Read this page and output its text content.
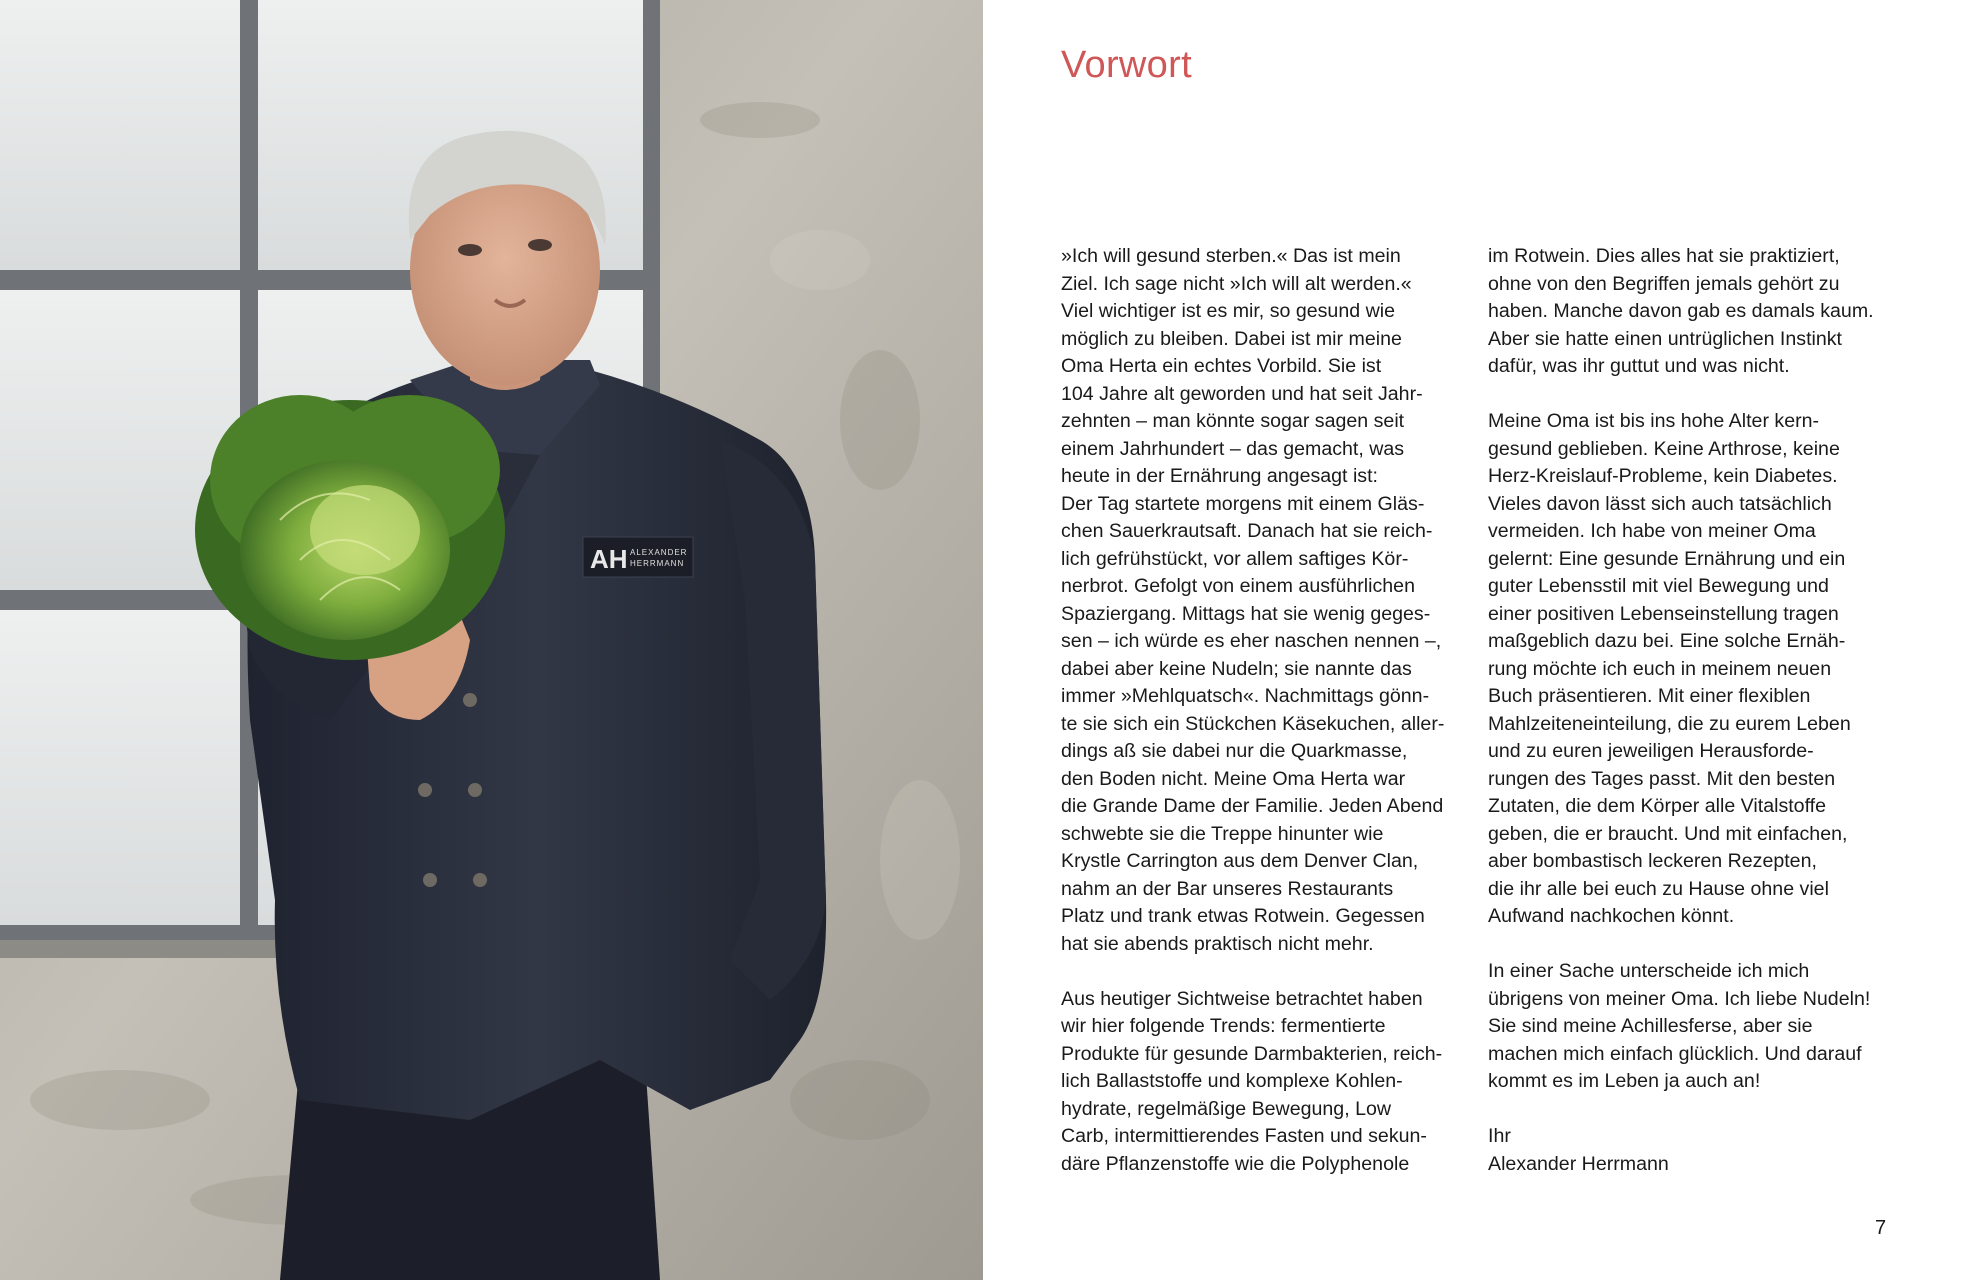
AH ALEXANDER
HERRMANN
Vorwort

»Ich will gesund sterben.« Das ist mein
Ziel. Ich sage nicht »Ich will alt werden.«
Viel wichtiger ist es mir, so gesund wie
möglich zu bleiben. Dabei ist mir meine
Oma Herta ein echtes Vorbild. Sie ist
104 Jahre alt geworden und hat seit Jahr-
zehnten – man könnte sogar sagen seit
einem Jahrhundert – das gemacht, was
heute in der Ernährung angesagt ist:
Der Tag startete morgens mit einem Gläs-
chen Sauerkrautsaft. Danach hat sie reich-
lich gefrühstückt, vor allem saftiges Kör-
nerbrot. Gefolgt von einem ausführlichen
Spaziergang. Mittags hat sie wenig geges-
sen – ich würde es eher naschen nennen –,
dabei aber keine Nudeln; sie nannte das
immer »Mehlquatsch«. Nachmittags gönn-
te sie sich ein Stückchen Käsekuchen, aller-
dings aß sie dabei nur die Quarkmasse,
den Boden nicht. Meine Oma Herta war
die Grande Dame der Familie. Jeden Abend
schwebte sie die Treppe hinunter wie
Krystle Carrington aus dem Denver Clan,
nahm an der Bar unseres Restaurants
Platz und trank etwas Rotwein. Gegessen
hat sie abends praktisch nicht mehr.

Aus heutiger Sichtweise betrachtet haben
wir hier folgende Trends: fermentierte
Produkte für gesunde Darmbakterien, reich-
lich Ballaststoffe und komplexe Kohlen-
hydrate, regelmäßige Bewegung, Low
Carb, intermittierendes Fasten und sekun-
däre Pflanzenstoffe wie die Polyphenole

im Rotwein. Dies alles hat sie praktiziert,
ohne von den Begriffen jemals gehört zu
haben. Manche davon gab es damals kaum.
Aber sie hatte einen untrüglichen Instinkt
dafür, was ihr guttut und was nicht.

Meine Oma ist bis ins hohe Alter kern-
gesund geblieben. Keine Arthrose, keine
Herz-Kreislauf-Probleme, kein Diabetes.
Vieles davon lässt sich auch tatsächlich
vermeiden. Ich habe von meiner Oma
gelernt: Eine gesunde Ernährung und ein
guter Lebensstil mit viel Bewegung und
einer positiven Lebenseinstellung tragen
maßgeblich dazu bei. Eine solche Ernäh-
rung möchte ich euch in meinem neuen
Buch präsentieren. Mit einer flexiblen
Mahlzeiteneinteilung, die zu eurem Leben
und zu euren jeweiligen Herausforde-
rungen des Tages passt. Mit den besten
Zutaten, die dem Körper alle Vitalstoffe
geben, die er braucht. Und mit einfachen,
aber bombastisch leckeren Rezepten,
die ihr alle bei euch zu Hause ohne viel
Aufwand nachkochen könnt.

In einer Sache unterscheide ich mich
übrigens von meiner Oma. Ich liebe Nudeln!
Sie sind meine Achillesferse, aber sie
machen mich einfach glücklich. Und darauf
kommt es im Leben ja auch an!

Ihr

Alexander Herrmann

7
